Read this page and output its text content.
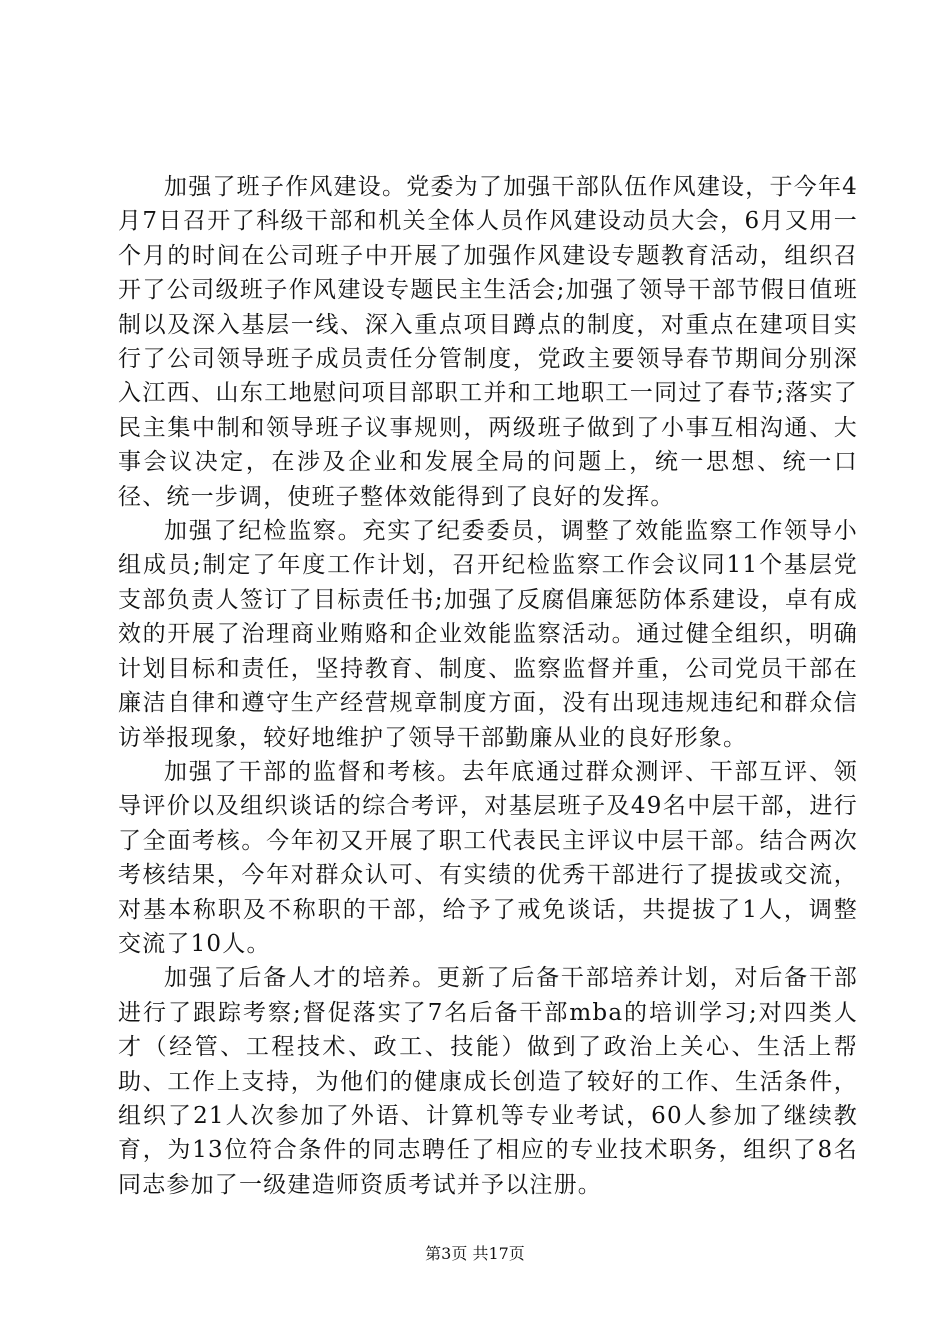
加强了班子作风建设。党委为了加强干部队伍作风建设，于今年4月7日召开了科级干部和机关全体人员作风建设动员大会，6月又用一个月的时间在公司班子中开展了加强作风建设专题教育活动，组织召开了公司级班子作风建设专题民主生活会;加强了领导干部节假日值班制以及深入基层一线、深入重点项目蹲点的制度，对重点在建项目实行了公司领导班子成员责任分管制度，党政主要领导春节期间分别深入江西、山东工地慰问项目部职工并和工地职工一同过了春节;落实了民主集中制和领导班子议事规则，两级班子做到了小事互相沟通、大事会议决定，在涉及企业和发展全局的问题上，统一思想、统一口径、统一步调，使班子整体效能得到了良好的发挥。

加强了纪检监察。充实了纪委委员，调整了效能监察工作领导小组成员;制定了年度工作计划，召开纪检监察工作会议同11个基层党支部负责人签订了目标责任书;加强了反腐倡廉惩防体系建设，卓有成效的开展了治理商业贿赂和企业效能监察活动。通过健全组织，明确计划目标和责任，坚持教育、制度、监察监督并重，公司党员干部在廉洁自律和遵守生产经营规章制度方面，没有出现违规违纪和群众信访举报现象，较好地维护了领导干部勤廉从业的良好形象。

加强了干部的监督和考核。去年底通过群众测评、干部互评、领导评价以及组织谈话的综合考评，对基层班子及49名中层干部，进行了全面考核。今年初又开展了职工代表民主评议中层干部。结合两次考核结果，今年对群众认可、有实绩的优秀干部进行了提拔或交流，对基本称职及不称职的干部，给予了戒免谈话，共提拔了1人，调整交流了10人。

加强了后备人才的培养。更新了后备干部培养计划，对后备干部进行了跟踪考察;督促落实了7名后备干部mba的培训学习;对四类人才（经管、工程技术、政工、技能）做到了政治上关心、生活上帮助、工作上支持，为他们的健康成长创造了较好的工作、生活条件，组织了21人次参加了外语、计算机等专业考试，60人参加了继续教育，为13位符合条件的同志聘任了相应的专业技术职务，组织了8名同志参加了一级建造师资质考试并予以注册。

第3页 共17页
